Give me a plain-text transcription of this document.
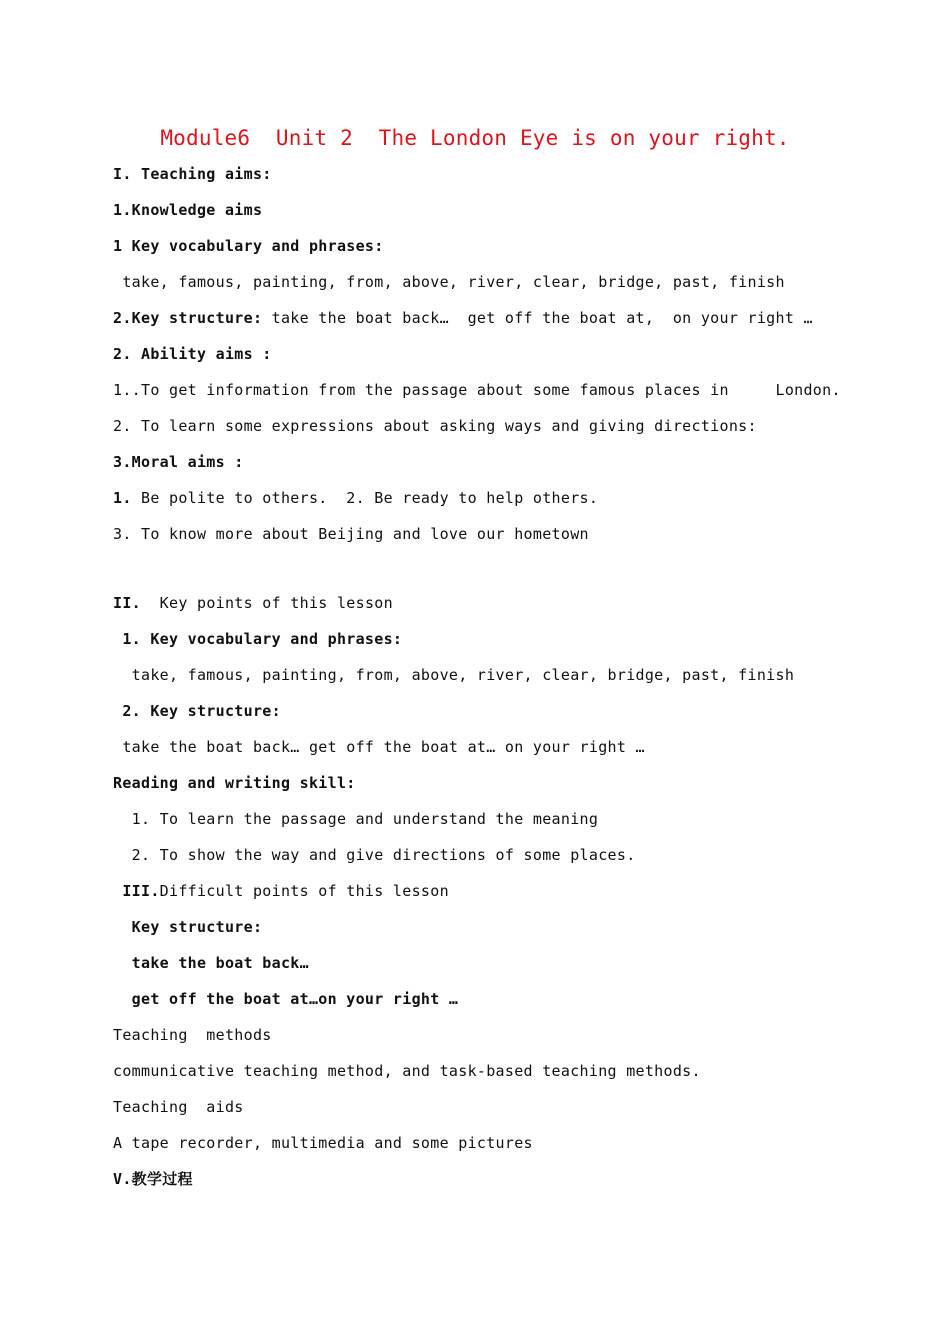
Module6  Unit 2  The London Eye is on your right.
I. Teaching aims:
1.Knowledge aims
1 Key vocabulary and phrases:
take, famous, painting, from, above, river, clear, bridge, past, finish
2.Key structure: take the boat back…  get off the boat at,  on your right …
2. Ability aims :
1..To get information from the passage about some famous places in     London.
2. To learn some expressions about asking ways and giving directions:
3.Moral aims :
1. Be polite to others.  2. Be ready to help others.
3. To know more about Beijing and love our hometown
II.  Key points of this lesson
1. Key vocabulary and phrases:
take, famous, painting, from, above, river, clear, bridge, past, finish
2. Key structure:
take the boat back… get off the boat at… on your right …
Reading and writing skill:
1. To learn the passage and understand the meaning
2. To show the way and give directions of some places.
III.Difficult points of this lesson
Key structure:
take the boat back…
get off the boat at…on your right …
Teaching  methods
communicative teaching method, and task-based teaching methods.
Teaching  aids
A tape recorder, multimedia and some pictures
V.教学过程
